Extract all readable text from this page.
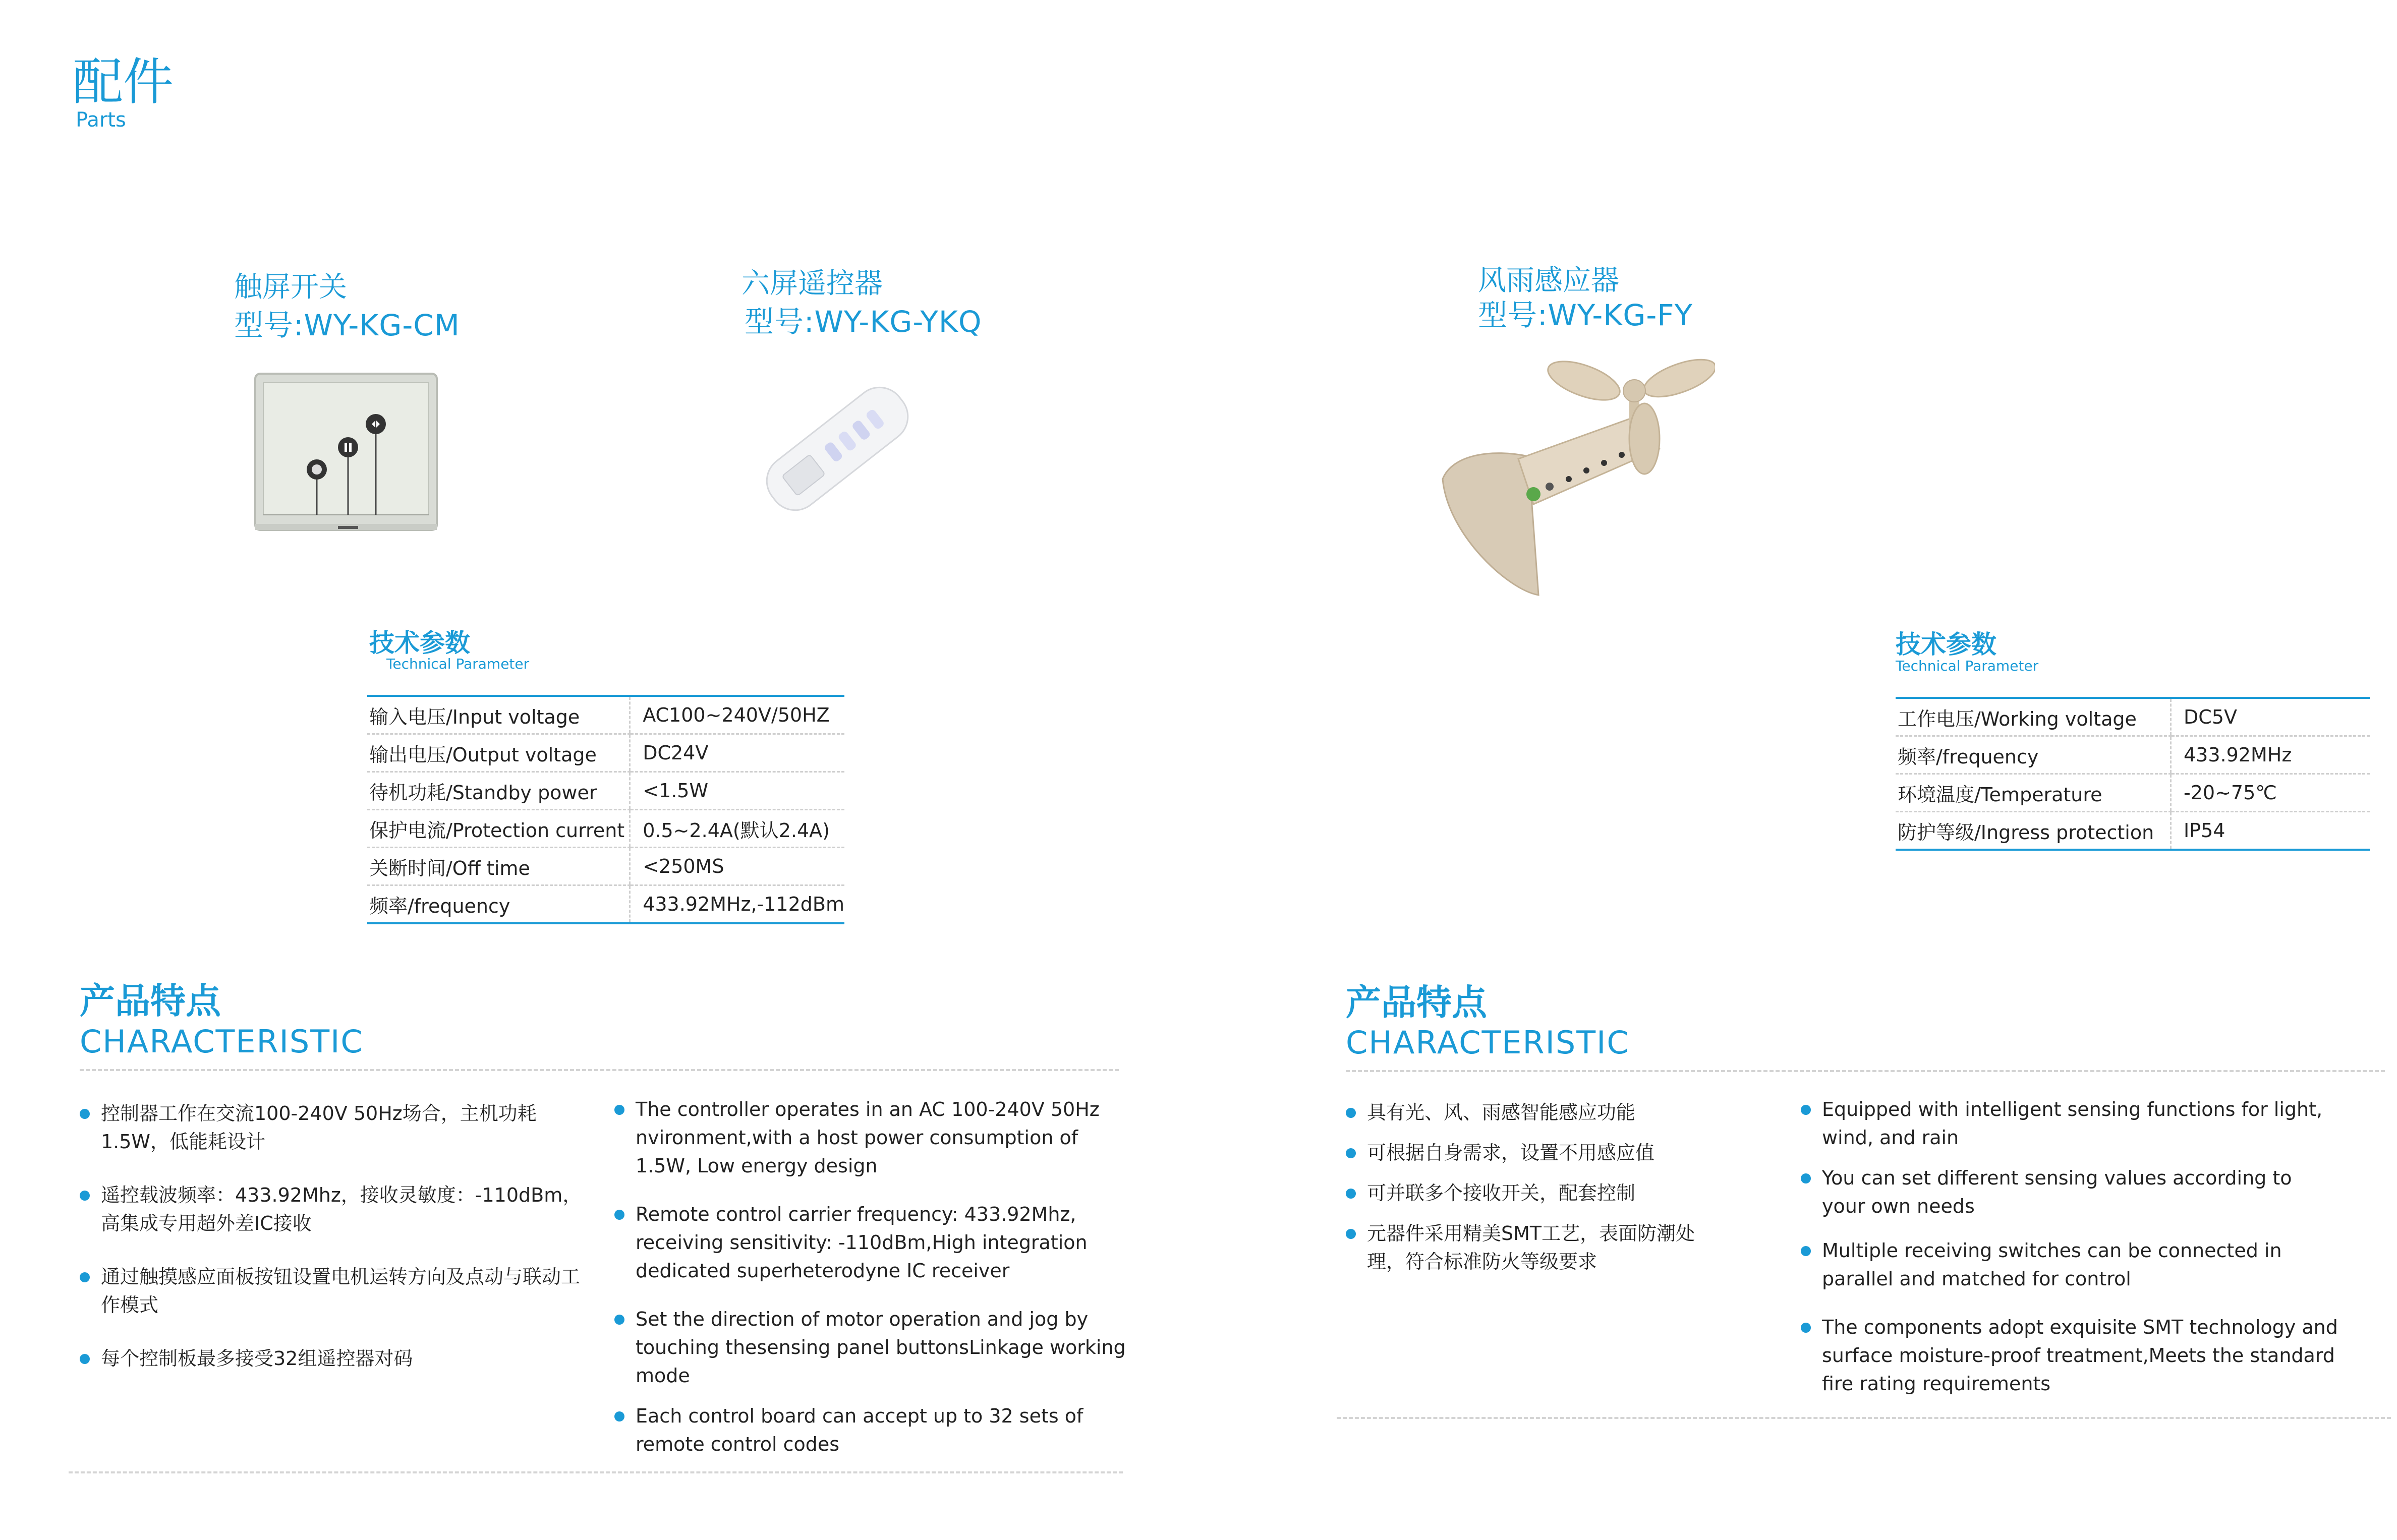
配件
Parts
触屏开关
型号:WY-KG-CM
六屏遥控器
型号:WY-KG-YKQ
风雨感应器
型号:WY-KG-FY
技术参数
Technical Parameter
输入电压/Input voltage	AC100~240V/50HZ
输出电压/Output voltage	DC24V
待机功耗/Standby power	<1.5W
保护电流/Protection current	0.5~2.4A(默认2.4A)
关断时间/Off time	<250MS
频率/frequency	433.92MHz,-112dBm
技术参数
Technical Parameter
工作电压/Working voltage	DC5V
频率/frequency	433.92MHz
环境温度/Temperature	-20~75℃
防护等级/Ingress protection	IP54
产品特点
CHARACTERISTIC
控制器工作在交流100-240V 50Hz场合，主机功耗1.5W，低能耗设计
遥控载波频率：433.92Mhz，接收灵敏度：-110dBm，高集成专用超外差IC接收
通过触摸感应面板按钮设置电机运转方向及点动与联动工作模式
每个控制板最多接受32组遥控器对码
The controller operates in an AC 100-240V 50Hz nvironment,with a host power consumption of 1.5W, Low energy design
Remote control carrier frequency: 433.92Mhz, receiving sensitivity: -110dBm,High integration dedicated superheterodyne IC receiver
Set the direction of motor operation and jog by touching thesensing panel buttonsLinkage working mode
Each control board can accept up to 32 sets of remote control codes
产品特点
CHARACTERISTIC
具有光、风、雨感智能感应功能
可根据自身需求，设置不用感应值
可并联多个接收开关，配套控制
元器件采用精美SMT工艺，表面防潮处理，符合标准防火等级要求
Equipped with intelligent sensing functions for light, wind, and rain
You can set different sensing values according to your own needs
Multiple receiving switches can be connected in parallel and matched for control
The components adopt exquisite SMT technology and surface moisture-proof treatment,Meets the standard fire rating requirements
